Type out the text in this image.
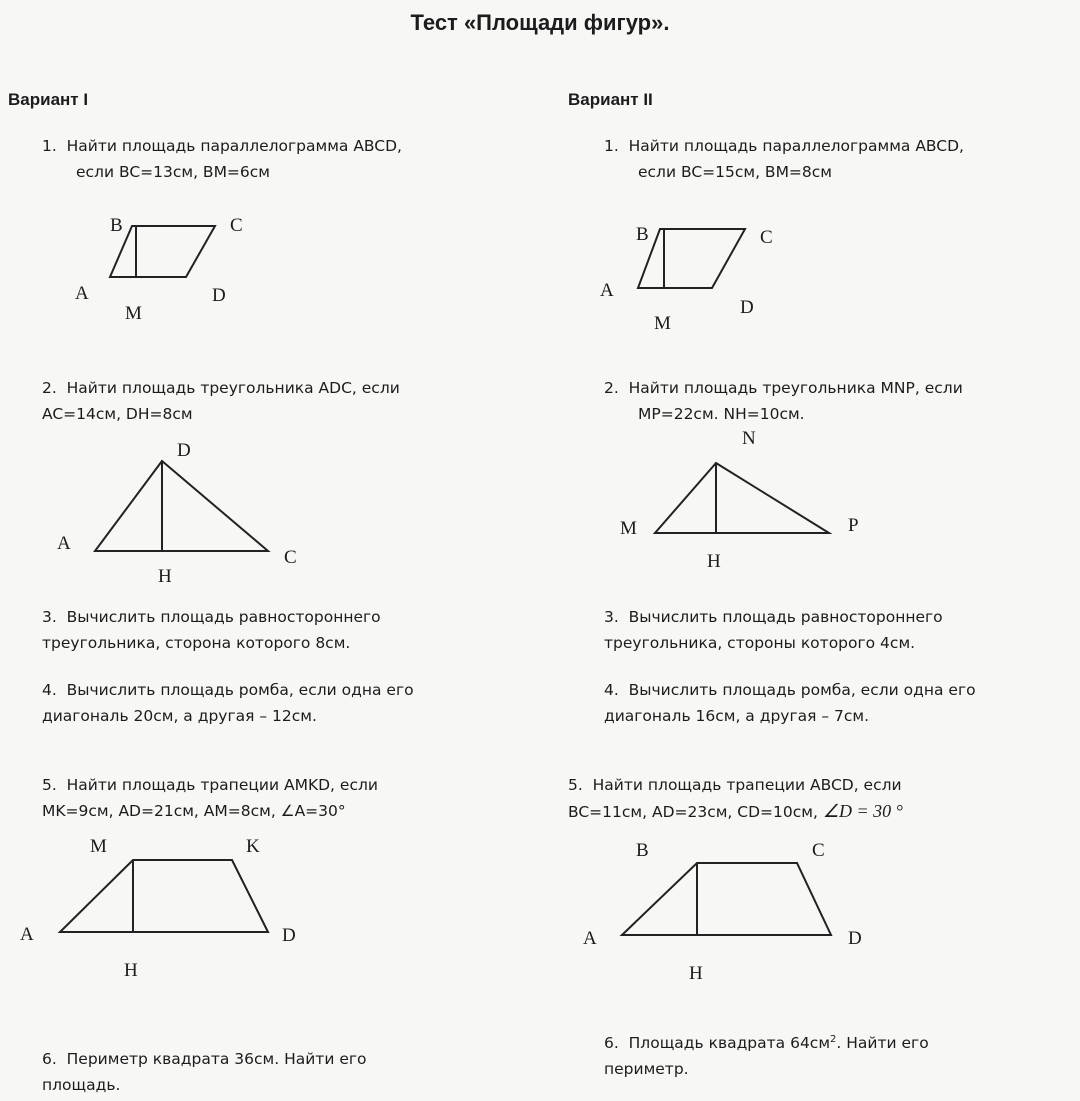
Тест «Площади фигур».
Вариант I
1. Найти площадь параллелограмма ABCD,
если BC=13см, BM=6см
B	C
A	D
M
2. Найти площадь треугольника ADC, если
AC=14см, DH=8см
D
A
C
H
3. Вычислить площадь равностороннего
треугольника, сторона которого 8см.
4. Вычислить площадь ромба, если одна его
диагональ 20см, а другая – 12см.
5. Найти площадь трапеции AMKD, если
MK=9см, AD=21см, AM=8см, ∠A=30°
M	K
A	D
H
6. Периметр квадрата 36см. Найти его
площадь.
Вариант II
1. Найти площадь параллелограмма ABCD,
если BC=15см, BM=8см
B	C
A
D
M
2. Найти площадь треугольника MNP, если
MP=22см. NH=10см.
N
M	P
H
3. Вычислить площадь равностороннего
треугольника, стороны которого 4см.
4. Вычислить площадь ромба, если одна его
диагональ 16см, а другая – 7см.
5. Найти площадь трапеции ABCD, если
BC=11см, AD=23см, CD=10см, ∠D = 30 °
B	C
A	D
H
6. Площадь квадрата $64см^2$. Найти его
периметр.
